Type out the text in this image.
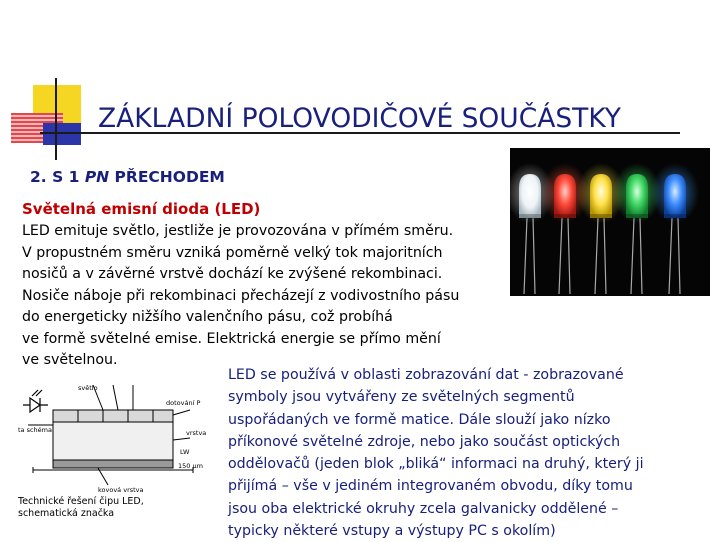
ZÁKLADNÍ POLOVODIČOVÉ SOUČÁSTKY
2. S 1 PN PŘECHODEM
Světelná emisní dioda (LED)

LED emituje světlo, jestliže je provozována v přímém směru.
V propustném směru vzniká poměrně velký tok majoritních
nosičů a v závěrné vrstvě dochází ke zvýšené rekombinaci.
Nosiče náboje při rekombinaci přecházejí z vodivostního pásu
do energeticky nižšího valenčního pásu, což probíhá
ve formě světelné emise. Elektrická energie se přímo mění
ve světelnou.

světlo
dotování P
vrstva
ta schéma
LW
150 μm
kovová vrstva
Technické řešení čipu LED,
schematická značka

LED se používá v oblasti zobrazování dat - zobrazované
symboly jsou vytvářeny ze světelných segmentů
uspořádaných ve formě matice. Dále slouží jako nízko
příkonové světelné zdroje, nebo jako součást optických
oddělovačů (jeden blok „bliká“ informaci na druhý, který ji
přijímá – vše v jediném integrovaném obvodu, díky tomu
jsou oba elektrické okruhy zcela galvanicky oddělené –
typicky některé vstupy a výstupy PC s okolím)
